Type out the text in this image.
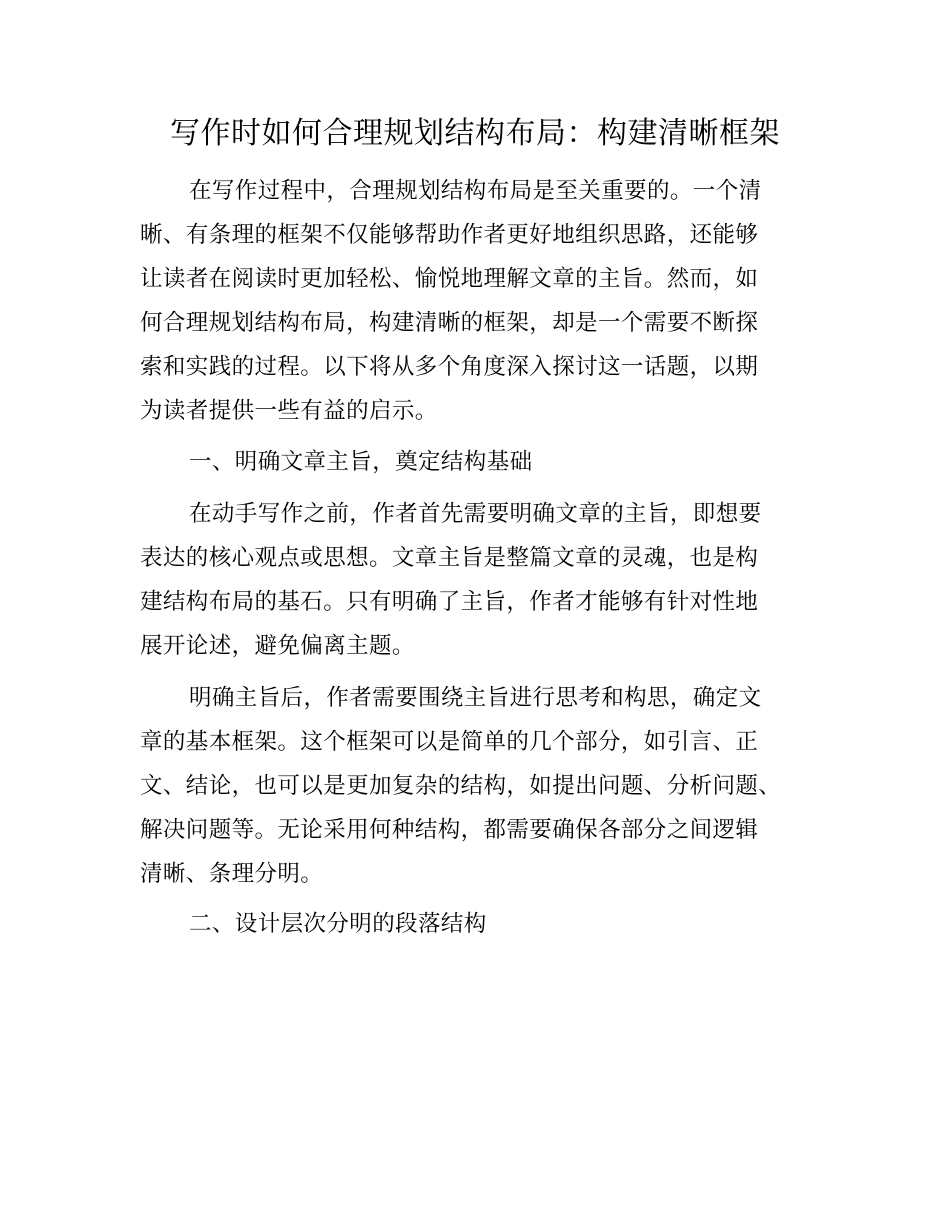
写作时如何合理规划结构布局：构建清晰框架
在写作过程中，合理规划结构布局是至关重要的。一个清
晰、有条理的框架不仅能够帮助作者更好地组织思路，还能够
让读者在阅读时更加轻松、愉悦地理解文章的主旨。然而，如
何合理规划结构布局，构建清晰的框架，却是一个需要不断探
索和实践的过程。以下将从多个角度深入探讨这一话题，以期
为读者提供一些有益的启示。
一、明确文章主旨，奠定结构基础
在动手写作之前，作者首先需要明确文章的主旨，即想要
表达的核心观点或思想。文章主旨是整篇文章的灵魂，也是构
建结构布局的基石。只有明确了主旨，作者才能够有针对性地
展开论述，避免偏离主题。
明确主旨后，作者需要围绕主旨进行思考和构思，确定文
章的基本框架。这个框架可以是简单的几个部分，如引言、正
文、结论，也可以是更加复杂的结构，如提出问题、分析问题、
解决问题等。无论采用何种结构，都需要确保各部分之间逻辑
清晰、条理分明。
二、设计层次分明的段落结构
